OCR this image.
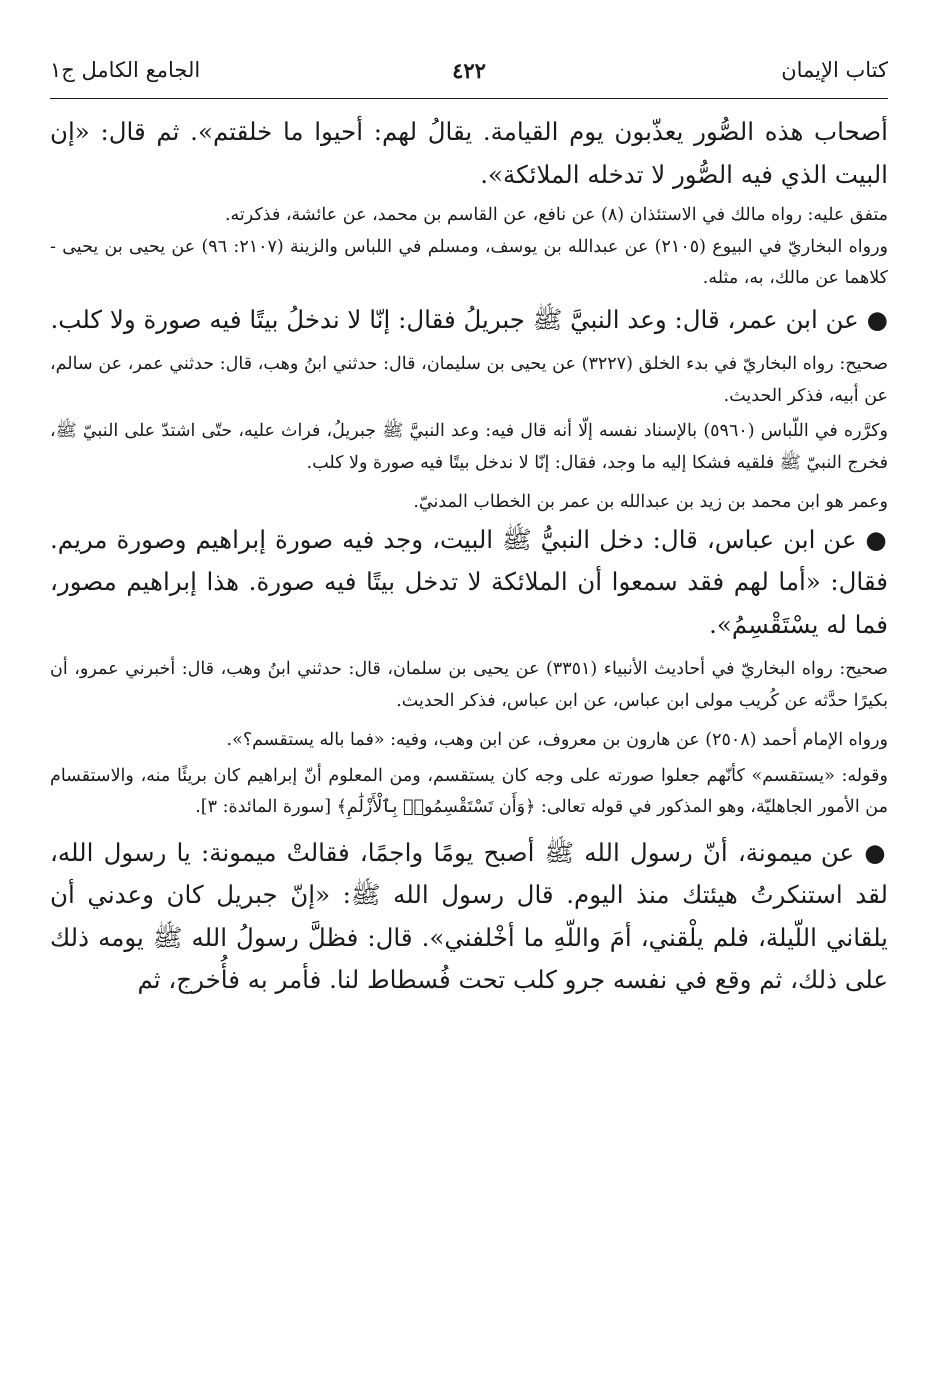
كتاب الإيمان
٤٢٢
الجامع الكامل ج١

أصحاب هذه الصُّور يعذّبون يوم القيامة. يقالُ لهم: أحيوا ما خلقتم». ثم قال: «إن البيت الذي فيه الصُّور لا تدخله الملائكة».

متفق عليه: رواه مالك في الاستئذان (٨) عن نافع، عن القاسم بن محمد، عن عائشة، فذكرته.

ورواه البخاريّ في البيوع (٢١٠٥) عن عبدالله بن يوسف، ومسلم في اللباس والزينة (٢١٠٧: ٩٦) عن يحيى بن يحيى - كلاهما عن مالك، به، مثله.

● عن ابن عمر، قال: وعد النبيَّ ﷺ جبريلُ فقال: إنّا لا ندخلُ بيتًا فيه صورة ولا كلب.

صحيح: رواه البخاريّ في بدء الخلق (٣٢٢٧) عن يحيى بن سليمان، قال: حدثني ابنُ وهب، قال: حدثني عمر، عن سالم، عن أبيه، فذكر الحديث.

وكرَّره في اللّباس (٥٩٦٠) بالإسناد نفسه إلّا أنه قال فيه: وعد النبيَّ ﷺ جبريلُ، فراث عليه، حتّى اشتدّ على النبيّ ﷺ، فخرج النبيّ ﷺ فلقيه فشكا إليه ما وجد، فقال: إنّا لا ندخل بيتًا فيه صورة ولا كلب.

وعمر هو ابن محمد بن زيد بن عبدالله بن عمر بن الخطاب المدنيّ.

● عن ابن عباس، قال: دخل النبيُّ ﷺ البيت، وجد فيه صورة إبراهيم وصورة مريم. فقال: «أما لهم فقد سمعوا أن الملائكة لا تدخل بيتًا فيه صورة. هذا إبراهيم مصور، فما له يسْتَقْسِمُ».

صحيح: رواه البخاريّ في أحاديث الأنبياء (٣٣٥١) عن يحيى بن سلمان، قال: حدثني ابنُ وهب، قال: أخبرني عمرو، أن بكيرًا حدَّثه عن كُريب مولى ابن عباس، عن ابن عباس، فذكر الحديث.

ورواه الإمام أحمد (٢٥٠٨) عن هارون بن معروف، عن ابن وهب، وفيه: «فما باله يستقسم؟».

وقوله: «يستقسم» كأنّهم جعلوا صورته على وجه كان يستقسم، ومن المعلوم أنّ إبراهيم كان بريئًا منه، والاستقسام من الأمور الجاهليّة، وهو المذكور في قوله تعالى: ﴿وَأَن تَسْتَقْسِمُوا۟ بِٱلْأَزْلَٰمِ﴾ [سورة المائدة: ٣].

● عن ميمونة، أنّ رسول الله ﷺ أصبح يومًا واجمًا، فقالتْ ميمونة: يا رسول الله، لقد استنكرتُ هيئتك منذ اليوم. قال رسول الله ﷺ: «إنّ جبريل كان وعدني أن يلقاني اللّيلة، فلم يلْقني، أمَ واللّهِ ما أخْلفني». قال: فظلَّ رسولُ الله ﷺ يومه ذلك على ذلك، ثم وقع في نفسه جرو كلب تحت فُسطاط لنا. فأمر به فأُخرج، ثم
